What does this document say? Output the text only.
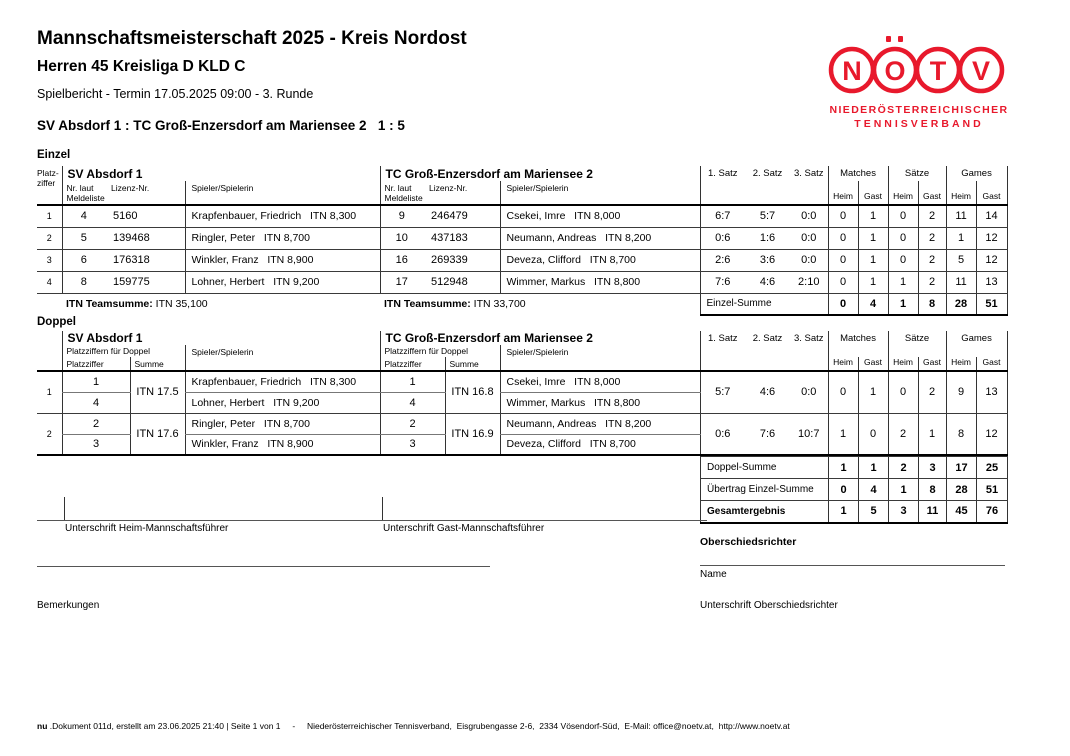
Mannschaftsmeisterschaft 2025 - Kreis Nordost
Herren 45 Kreisliga D KLD C
Spielbericht - Termin 17.05.2025 09:00 - 3. Runde
SV Absdorf 1 : TC Groß-Enzersdorf am Mariensee 2   1 : 5
N O T V
NIEDERÖSTERREICHISCHER
TENNISVERBAND
Einzel
Platz-
ziffer	SV Absdorf 1			TC Groß-Enzersdorf am Mariensee 2			1. Satz	2. Satz	3. Satz	Matches		Sätze		Games	

Nr. laut
Meldeliste
	Lizenz-Nr.	Spieler/Spielerin	Nr. laut
Meldeliste
	Lizenz-Nr.	Spieler/Spielerin	Heim	Gast	Heim	Gast	Heim	Gast
1	4	5160	Krapfenbauer, Friedrich   ITN 8,300	9	246479	Csekei, Imre   ITN 8,000	6:7	5:7	0:0	0	1	0	2	11	14
2	5	139468	Ringler, Peter   ITN 8,700	10	437183	Neumann, Andreas   ITN 8,200	0:6	1:6	0:0	0	1	0	2	1	12
3	6	176318	Winkler, Franz   ITN 8,900	16	269339	Deveza, Clifford   ITN 8,700	2:6	3:6	0:0	0	1	0	2	5	12
4	8	159775	Lohner, Herbert   ITN 9,200	17	512948	Wimmer, Markus   ITN 8,800	7:6	4:6	2:10	0	1	1	2	11	13
	ITN Teamsumme: ITN 35,100			ITN Teamsumme: ITN 33,700			Einzel-Summe			0	4	1	8	28	51
Doppel
	SV Absdorf 1			TC Groß-Enzersdorf am Mariensee 2			1. Satz	2. Satz	3. Satz	Matches		Sätze		Games	
	Platzziffern für Doppel		Spieler/Spielerin	Platzziffern für Doppel		Spieler/Spielerin									
	Platzziffer	Summe		Platzziffer	Summe					Heim	Gast	Heim	Gast	Heim	Gast
1	1	ITN 17.5	Krapfenbauer, Friedrich   ITN 8,300	1	ITN 16.8	Csekei, Imre   ITN 8,000	5:7	4:6	0:0	0	1	0	2	9	13
	4		Lohner, Herbert   ITN 9,200	4		Wimmer, Markus   ITN 8,800									
2	2	ITN 17.6	Ringler, Peter   ITN 8,700	2	ITN 16.9	Neumann, Andreas   ITN 8,200	0:6	7:6	10:7	1	0	2	1	8	12
	3		Winkler, Franz   ITN 8,900	3		Deveza, Clifford   ITN 8,700									
Doppel-Summe	1	1	2	3	17	25
Übertrag Einzel-Summe	0	4	1	8	28	51
Gesamtergebnis	1	5	3	11	45	76
Unterschrift Heim-Mannschaftsführer	Unterschrift Gast-Mannschaftsführer
Bemerkungen
Oberschiedsrichter
Name
Unterschrift Oberschiedsrichter
nu .Dokument 011d, erstellt am 23.06.2025 21:40 | Seite 1 von 1     -     Niederösterreichischer Tennisverband,  Eisgrubengasse 2-6,  2334 Vösendorf-Süd,  E-Mail: office@noetv.at,  http://www.noetv.at
